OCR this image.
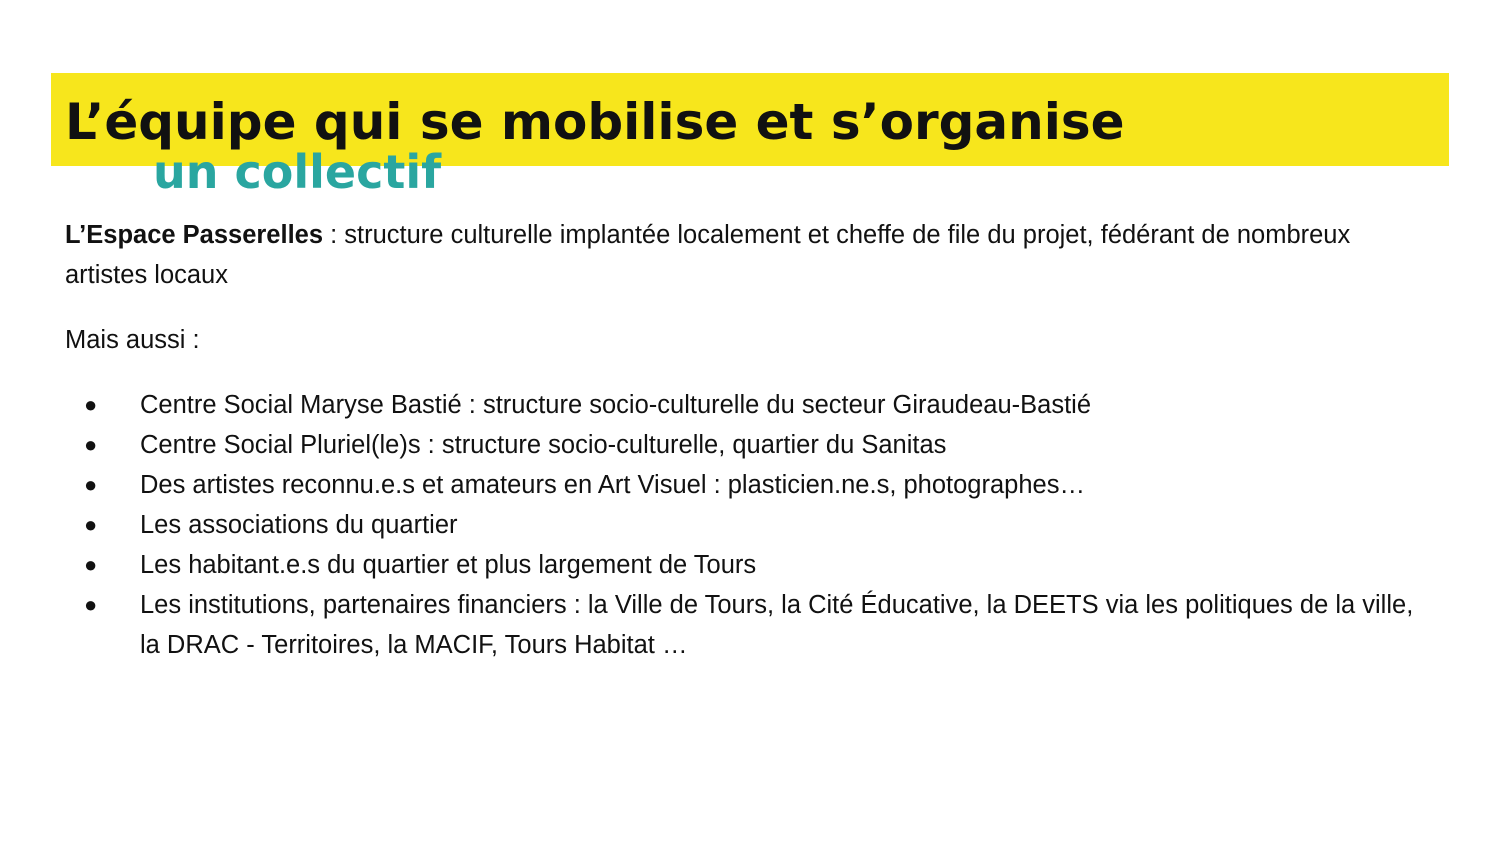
L’équipe qui se mobilise et s’organise
un collectif

L’Espace Passerelles : structure culturelle implantée localement et cheffe de file du projet, fédérant de nombreux artistes locaux

Mais aussi :

● Centre Social Maryse Bastié : structure socio-culturelle du secteur Giraudeau-Bastié
● Centre Social Pluriel(le)s : structure socio-culturelle, quartier du Sanitas
● Des artistes reconnu.e.s et amateurs en Art Visuel : plasticien.ne.s, photographes…
● Les associations du quartier
● Les habitant.e.s du quartier et plus largement de Tours
● Les institutions, partenaires financiers : la Ville de Tours, la Cité Éducative, la DEETS via les politiques de la ville, la DRAC - Territoires, la MACIF, Tours Habitat …
